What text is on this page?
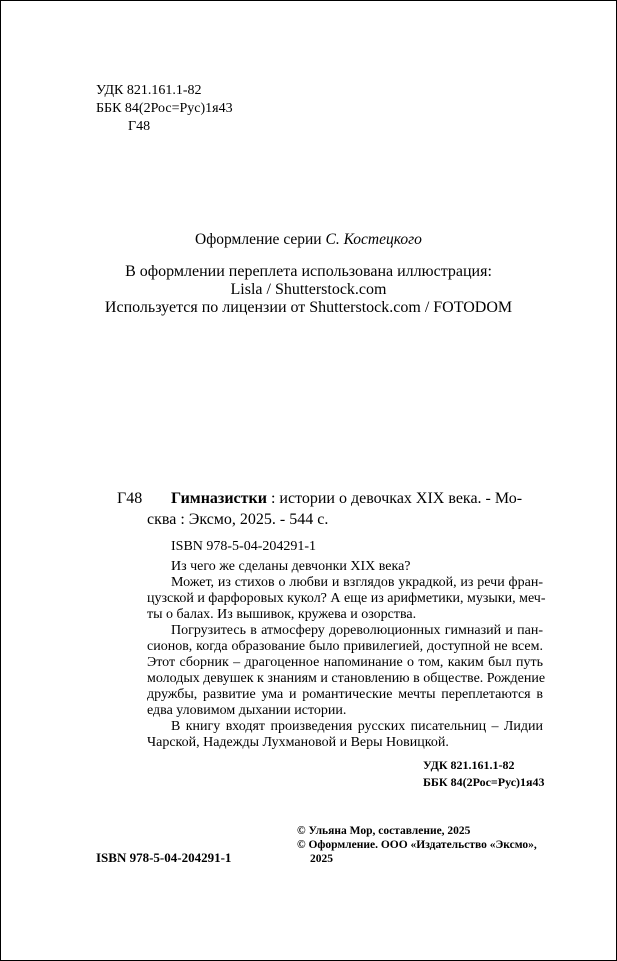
УДК 821.161.1-82
ББК 84(2Рос=Рус)1я43
Г48
Оформление серии С. Костецкого
В оформлении переплета использована иллюстрация:
Lisla / Shutterstock.com
Используется по лицензии от Shutterstock.com / FOTODOM
Г48 Гимназистки : истории о девочках XIX века. - Мо-
сква : Эксмо, 2025. - 544 с.
ISBN 978-5-04-204291-1
Из чего же сделаны девчонки XIX века?
Может, из стихов о любви и взглядов украдкой, из речи фран-
цузской и фарфоровых кукол? А еще из арифметики, музыки, меч-
ты о балах. Из вышивок, кружева и озорства.
Погрузитесь в атмосферу дореволюционных гимназий и пан-
сионов, когда образование было привилегией, доступной не всем.
Этот сборник – драгоценное напоминание о том, каким был путь
молодых девушек к знаниям и становлению в обществе. Рождение
дружбы, развитие ума и романтические мечты переплетаются в
едва уловимом дыхании истории.
В книгу входят произведения русских писательниц – Лидии
Чарской, Надежды Лухмановой и Веры Новицкой.
УДК 821.161.1-82
ББК 84(2Рос=Рус)1я43
ISBN 978-5-04-204291-1
© Ульяна Мор, составление, 2025
© Оформление. ООО «Издательство «Эксмо»,
2025
